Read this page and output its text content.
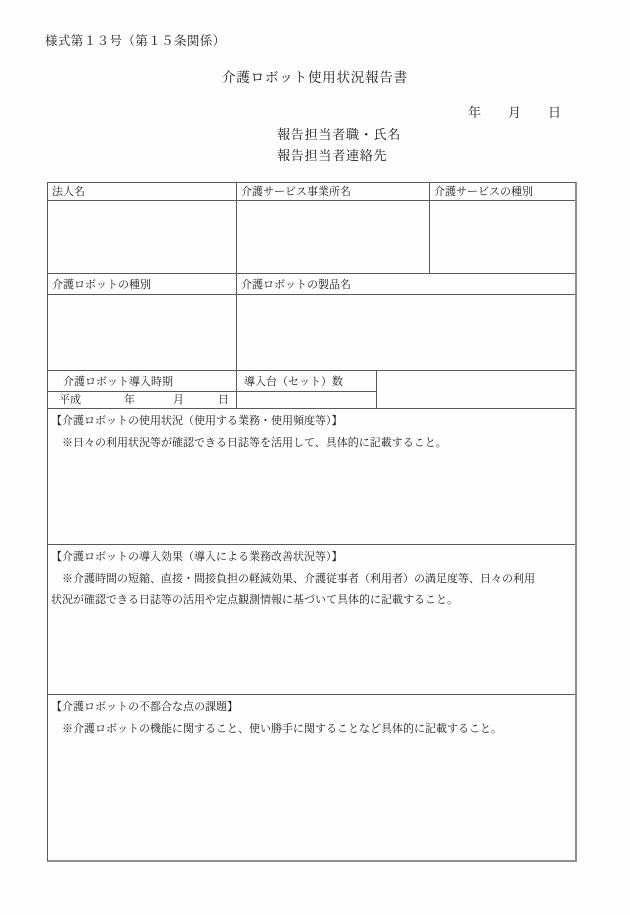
様式第１３号（第１５条関係）
介護ロボット使用状況報告書
年 月 日
報告担当者職・氏名
報告担当者連絡先
法人名	介護サービス事業所名	介護サービスの種別
介護ロボットの種別	介護ロボットの製品名
介護ロボット導入時期	導入台（セット）数
平成	年	月	日
【介護ロボットの使用状況（使用する業務・使用頻度等）】
　※日々の利用状況等が確認できる日誌等を活用して、具体的に記載すること。
【介護ロボットの導入効果（導入による業務改善状況等）】
　※介護時間の短縮、直接・間接負担の軽減効果、介護従事者（利用者）の満足度等、日々の利用
状況が確認できる日誌等の活用や定点観測情報に基づいて具体的に記載すること。
【介護ロボットの不都合な点の課題】
　※介護ロボットの機能に関すること、使い勝手に関することなど具体的に記載すること。
